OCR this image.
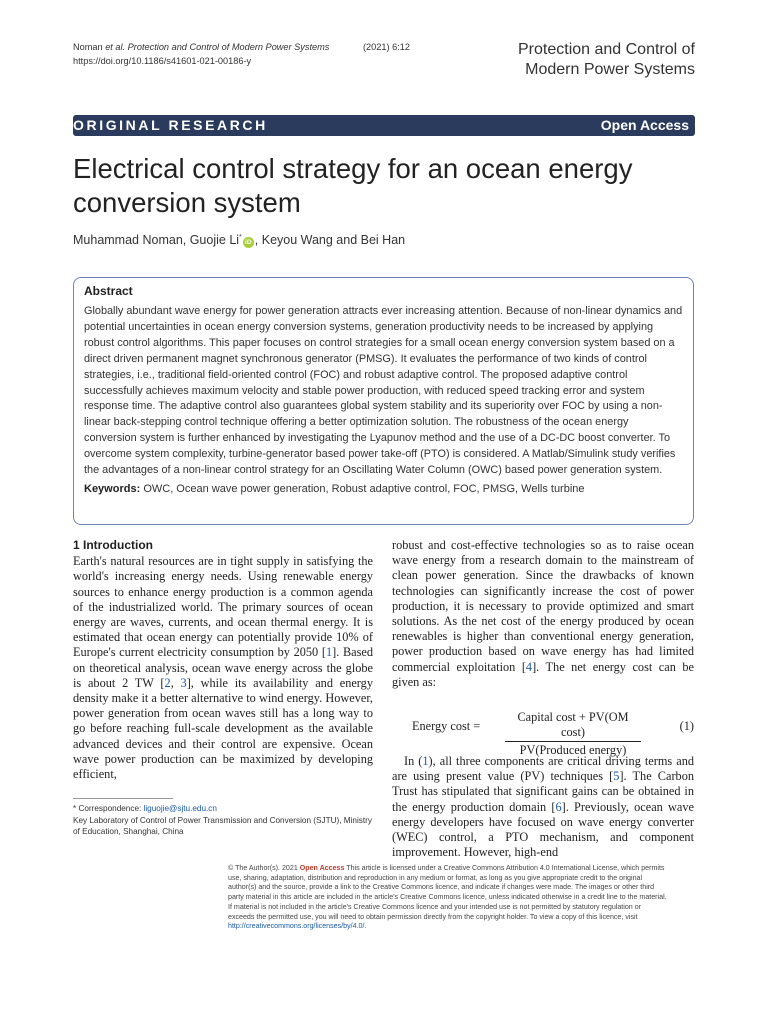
Noman et al. Protection and Control of Modern Power Systems	(2021) 6:12
https://doi.org/10.1186/s41601-021-00186-y
Protection and Control of
Modern Power Systems
ORIGINAL RESEARCH	Open Access
Electrical control strategy for an ocean energy conversion system
Muhammad Noman, Guojie Li*iD , Keyou Wang and Bei Han
Abstract
Globally abundant wave energy for power generation attracts ever increasing attention. Because of non-linear dynamics and potential uncertainties in ocean energy conversion systems, generation productivity needs to be increased by applying robust control algorithms. This paper focuses on control strategies for a small ocean energy conversion system based on a direct driven permanent magnet synchronous generator (PMSG). It evaluates the performance of two kinds of control strategies, i.e., traditional field-oriented control (FOC) and robust adaptive control. The proposed adaptive control successfully achieves maximum velocity and stable power production, with reduced speed tracking error and system response time. The adaptive control also guarantees global system stability and its superiority over FOC by using a non-linear back-stepping control technique offering a better optimization solution. The robustness of the ocean energy conversion system is further enhanced by investigating the Lyapunov method and the use of a DC-DC boost converter. To overcome system complexity, turbine-generator based power take-off (PTO) is considered. A Matlab/Simulink study verifies the advantages of a non-linear control strategy for an Oscillating Water Column (OWC) based power generation system.
Keywords: OWC, Ocean wave power generation, Robust adaptive control, FOC, PMSG, Wells turbine
1 Introduction
Earth's natural resources are in tight supply in satisfying the world's increasing energy needs. Using renewable energy sources to enhance energy production is a common agenda of the industrialized world. The primary sources of ocean energy are waves, currents, and ocean thermal energy. It is estimated that ocean energy can potentially provide 10% of Europe's current electricity consumption by 2050 [1]. Based on theoretical analysis, ocean wave energy across the globe is about 2 TW [2, 3], while its availability and energy density make it a better alternative to wind energy. However, power generation from ocean waves still has a long way to go before reaching full-scale development as the available advanced devices and their control are expensive. Ocean wave power production can be maximized by developing efficient,
robust and cost-effective technologies so as to raise ocean wave energy from a research domain to the mainstream of clean power generation. Since the drawbacks of known technologies can significantly increase the cost of power production, it is necessary to provide optimized and smart solutions. As the net cost of the energy produced by ocean renewables is higher than conventional energy generation, power production based on wave energy has had limited commercial exploitation [4]. The net energy cost can be given as:
Energy cost =
Capital cost + PV(OM cost)
PV(Produced energy)
(1)
In (1), all three components are critical driving terms and are using present value (PV) techniques [5]. The Carbon Trust has stipulated that significant gains can be obtained in the energy production domain [6]. Previously, ocean wave energy developers have focused on wave energy converter (WEC) control, a PTO mechanism, and component improvement. However, high-end
* Correspondence: liguojie@sjtu.edu.cn
Key Laboratory of Control of Power Transmission and Conversion (SJTU), Ministry of Education, Shanghai, China
© The Author(s). 2021 Open Access This article is licensed under a Creative Commons Attribution 4.0 International License, which permits use, sharing, adaptation, distribution and reproduction in any medium or format, as long as you give appropriate credit to the original author(s) and the source, provide a link to the Creative Commons licence, and indicate if changes were made. The images or other third party material in this article are included in the article's Creative Commons licence, unless indicated otherwise in a credit line to the material. If material is not included in the article's Creative Commons licence and your intended use is not permitted by statutory regulation or exceeds the permitted use, you will need to obtain permission directly from the copyright holder. To view a copy of this licence, visit http://creativecommons.org/licenses/by/4.0/.
